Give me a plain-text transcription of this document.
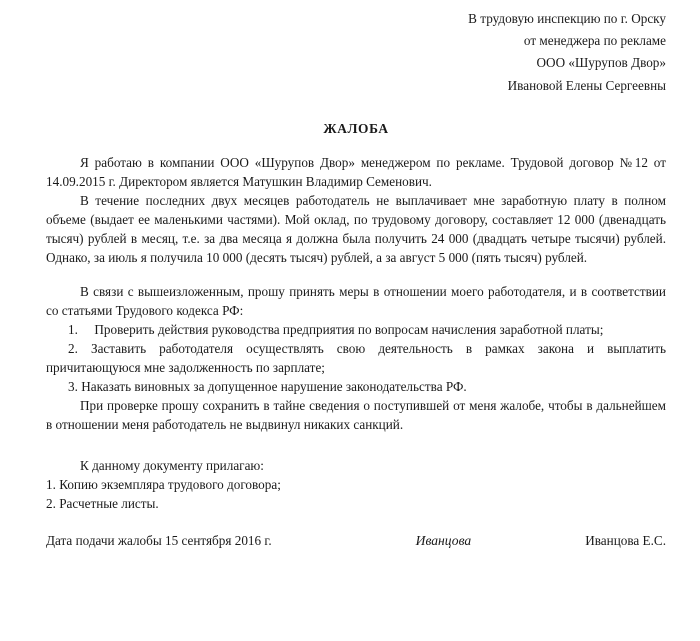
В трудовую инспекцию по г. Орску
от менеджера по рекламе
ООО «Шурупов Двор»
Ивановой Елены Сергеевны
ЖАЛОБА

Я работаю в компании ООО «Шурупов Двор» менеджером по рекламе. Трудовой договор №12 от 14.09.2015 г. Директором является Матушкин Владимир Семенович.

В течение последних двух месяцев работодатель не выплачивает мне заработную плату в полном объеме (выдает ее маленькими частями). Мой оклад, по трудовому договору, составляет 12 000 (двенадцать тысяч) рублей в месяц, т.е. за два месяца я должна была получить 24 000 (двадцать четыре тысячи) рублей. Однако, за июль я получила 10 000 (десять тысяч) рублей, а за август 5 000 (пять тысяч) рублей.

В связи с вышеизложенным, прошу принять меры в отношении моего работодателя, и в соответствии со статьями Трудового кодекса РФ:

1.  Проверить действия руководства предприятия по вопросам начисления заработной платы;

2. Заставить работодателя осуществлять свою деятельность в рамках закона и выплатить причитающуюся мне задолженность по зарплате;

3. Наказать виновных за допущенное нарушение законодательства РФ.

При проверке прошу сохранить в тайне сведения о поступившей от меня жалобе, чтобы в дальнейшем в отношении меня работодатель не выдвинул никаких санкций.

К данному документу прилагаю:

1. Копию экземпляра трудового договора;

2. Расчетные листы.

Дата подачи жалобы 15 сентября 2016 г.	Иванцова	Иванцова Е.С.
